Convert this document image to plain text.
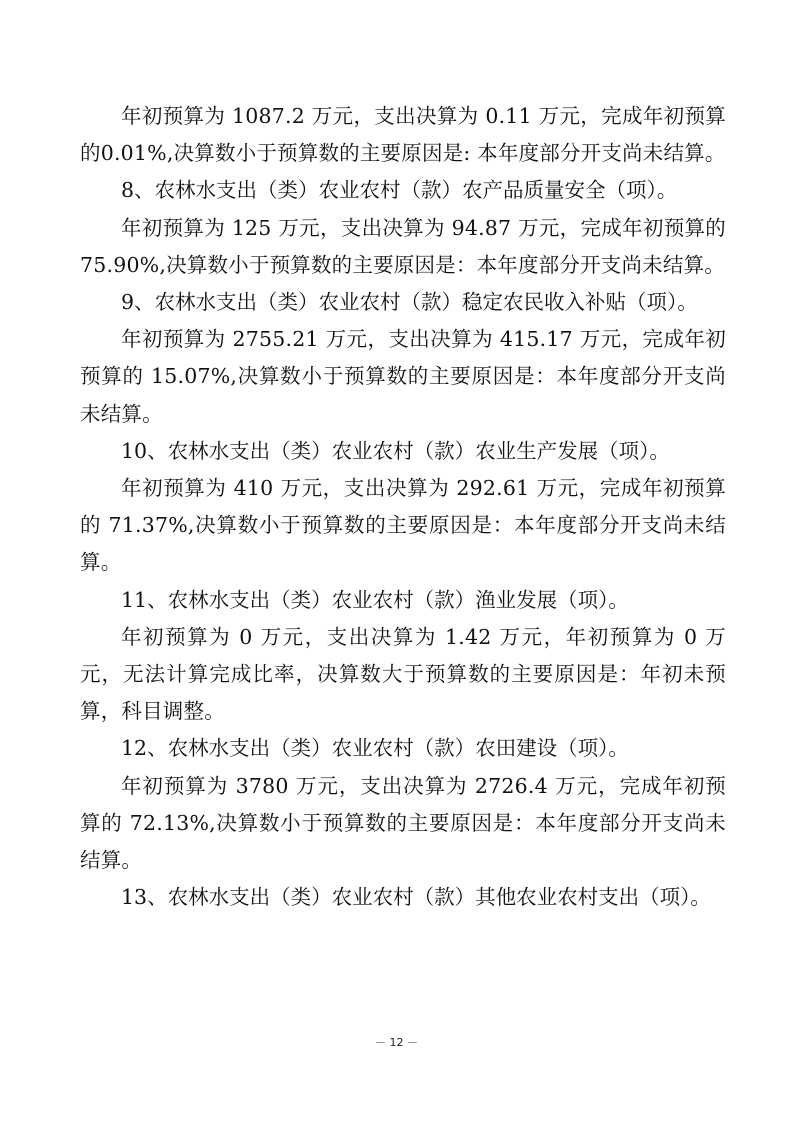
年初预算为 1087.2 万元，支出决算为 0.11 万元，完成年初预算的0.01%,决算数小于预算数的主要原因是: 本年度部分开支尚未结算。

8、农林水支出（类）农业农村（款）农产品质量安全（项）。

年初预算为 125 万元，支出决算为 94.87 万元，完成年初预算的75.90%,决算数小于预算数的主要原因是：本年度部分开支尚未结算。

9、农林水支出（类）农业农村（款）稳定农民收入补贴（项）。

年初预算为 2755.21 万元，支出决算为 415.17 万元，完成年初预算的 15.07%,决算数小于预算数的主要原因是：本年度部分开支尚未结算。

10、农林水支出（类）农业农村（款）农业生产发展（项）。

年初预算为 410 万元，支出决算为 292.61 万元，完成年初预算的 71.37%,决算数小于预算数的主要原因是：本年度部分开支尚未结算。

11、农林水支出（类）农业农村（款）渔业发展（项）。

年初预算为 0 万元，支出决算为 1.42 万元，年初预算为 0 万元，无法计算完成比率，决算数大于预算数的主要原因是：年初未预算，科目调整。

12、农林水支出（类）农业农村（款）农田建设（项）。

年初预算为 3780 万元，支出决算为 2726.4 万元，完成年初预算的 72.13%,决算数小于预算数的主要原因是：本年度部分开支尚未结算。

13、农林水支出（类）农业农村（款）其他农业农村支出（项）。

－ 12 －
